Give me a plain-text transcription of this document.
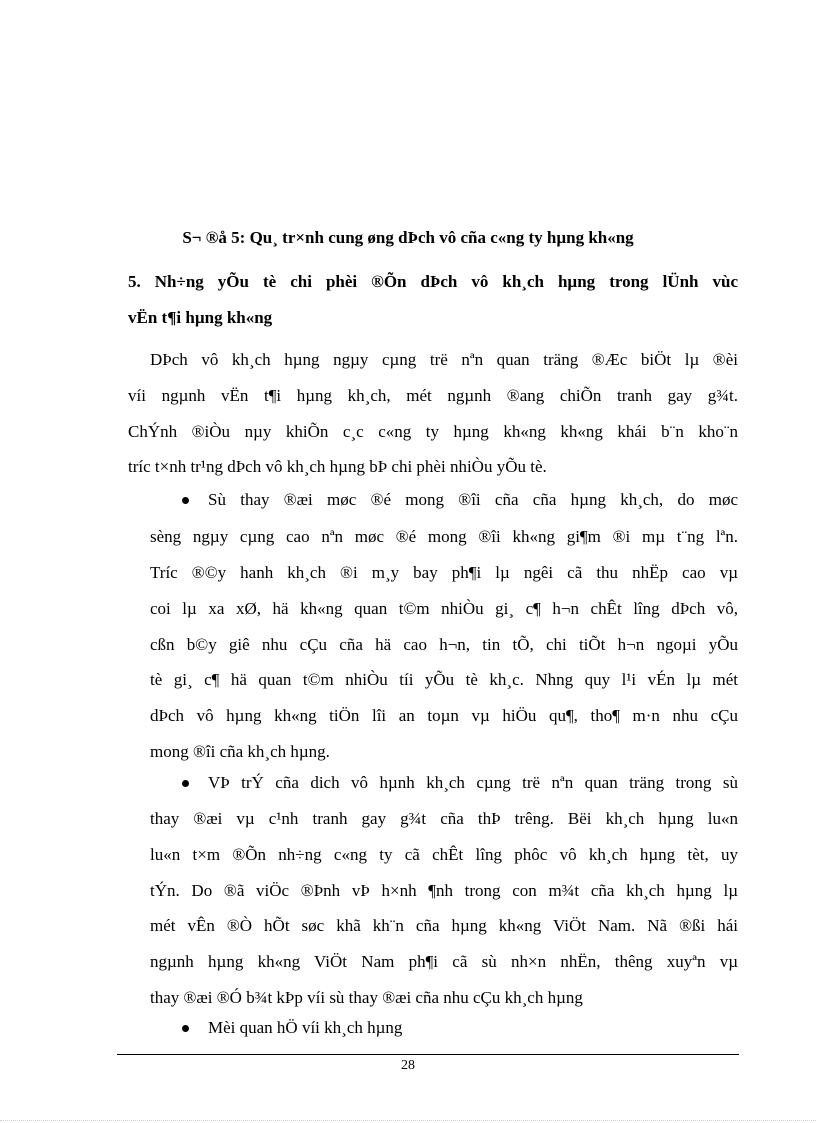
S¬ ®å 5: Qu¸ tr×nh cung øng dÞch vô cña c«ng ty hµng kh«ng
5. Nh÷ng yÕu tè chi phèi ®Õn dÞch vô kh¸ch hµng trong lÜnh vùc
vËn t¶i hµng kh«ng
DÞch vô kh¸ch hµng ngµy cµng trë nªn quan träng ®Æc biÖt lµ ®èi
víi ngµnh vËn t¶i hµng kh¸ch, mét ngµnh ®ang chiÕn tranh gay g¾t.
ChÝnh ®iÒu nµy khiÕn c¸c c«ng ty hµng kh«ng kh«ng khái b¨n kho¨n
tríc t×nh tr¹ng dÞch vô kh¸ch hµng bÞ chi phèi nhiÒu yÕu tè.
Sù thay ®æi møc ®é mong ®îi cña cña hµng kh¸ch, do møc
sèng ngµy cµng cao nªn møc ®é mong ®îi kh«ng gi¶m ®i mµ t¨ng lªn.
Tríc ®©y hanh kh¸ch ®i m¸y bay ph¶i lµ ngêi cã thu nhËp cao vµ
coi lµ xa xØ, hä kh«ng quan t©m nhiÒu gi¸ c¶ h¬n chÊt lîng dÞch vô,
cßn b©y giê nhu cÇu cña hä cao h¬n, tin tÕ, chi tiÕt h¬n ngoµi yÕu
tè gi¸ c¶ hä quan t©m nhiÒu tíi yÕu tè kh¸c. Nhng quy l¹i vÉn lµ mét
dÞch vô hµng kh«ng tiÖn lîi an toµn vµ hiÖu qu¶, tho¶ m·n nhu cÇu
mong ®îi cña kh¸ch hµng.
VÞ trÝ cña dich vô hµnh kh¸ch cµng trë nªn quan träng trong sù
thay ®æi vµ c¹nh tranh gay g¾t cña thÞ trêng. Bëi kh¸ch hµng lu«n
lu«n t×m ®Õn nh÷ng c«ng ty cã chÊt lîng phôc vô kh¸ch hµng tèt, uy
tÝn. Do ®ã viÖc ®Þnh vÞ h×nh ¶nh trong con m¾t cña kh¸ch hµng lµ
mét vÊn ®Ò hÕt søc khã kh¨n cña hµng kh«ng ViÖt Nam. Nã ®ßi hái
ngµnh hµng kh«ng ViÖt Nam ph¶i cã sù nh×n nhËn, thêng xuyªn vµ
thay ®æi ®Ó b¾t kÞp víi sù thay ®æi cña nhu cÇu kh¸ch hµng
Mèi quan hÖ víi kh¸ch hµng
28
